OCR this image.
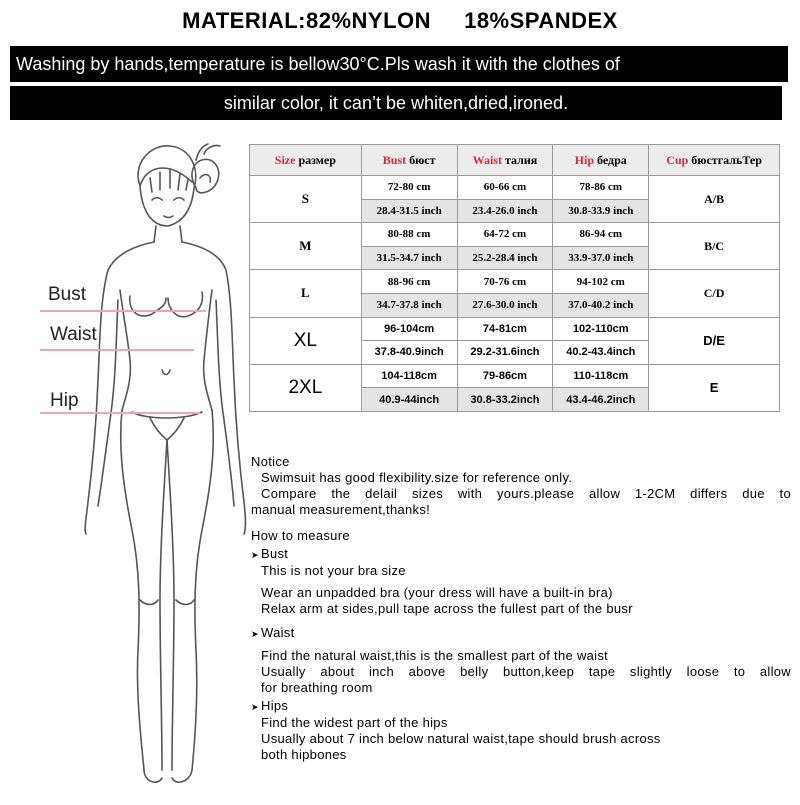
MATERIAL:82%NYLON     18%SPANDEX
Washing by hands,temperature is bellow30°C.Pls wash it with the clothes of
similar color, it can’t be whiten,dried,ironed.
Bust
Waist
Hip
Size paзмep	Bust бюст	Waist талия	Hip бедра	Cup бюстгальТер
S	72-80 cm	60-66 cm	78-86 cm	A/B
	28.4-31.5 inch	23.4-26.0 inch	30.8-33.9 inch	
M	80-88 cm	64-72 cm	86-94 cm	B/C
	31.5-34.7 inch	25.2-28.4 inch	33.9-37.0 inch	
L	88-96 cm	70-76 cm	94-102 cm	C/D
	34.7-37.8 inch	27.6-30.0 inch	37.0-40.2 inch	
XL	96-104cm	74-81cm	102-110cm	D/E
	37.8-40.9inch	29.2-31.6inch	40.2-43.4inch	
2XL	104-118cm	79-86cm	110-118cm	E
	40.9-44inch	30.8-33.2inch	43.4-46.2inch	
Notice
Swimsuit has good flexibility.size for reference only.
Compare the delail sizes with yours.please allow 1-2CM differs due to
manual measurement,thanks!
How to measure
➤ Bust
This is not your bra size
Wear an unpadded bra (your dress will have a built-in bra)
Relax arm at sides,pull tape across the fullest part of the busr
➤ Waist
Find the natural waist,this is the smallest part of the waist
Usually about inch above belly button,keep tape slightly loose to allow
for breathing room
➤ Hips
Find the widest part of the hips
Usually about 7 inch below natural waist,tape should brush across
both hipbones
